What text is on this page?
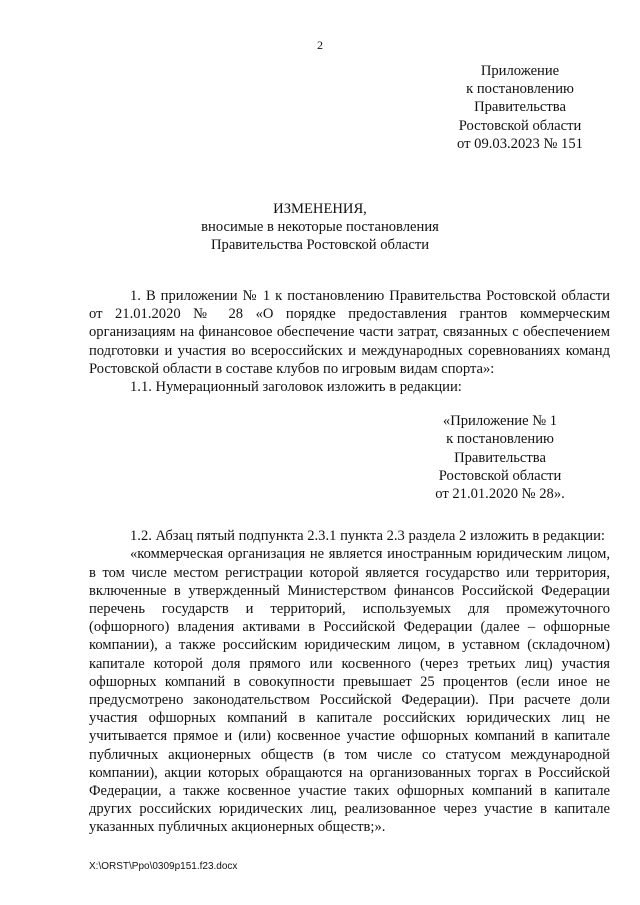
2
Приложение
к постановлению
Правительства
Ростовской области
от 09.03.2023 № 151
ИЗМЕНЕНИЯ,
вносимые в некоторые постановления
Правительства Ростовской области

1. В приложении № 1 к постановлению Правительства Ростовской области от 21.01.2020 № 28 «О порядке предоставления грантов коммерческим организациям на финансовое обеспечение части затрат, связанных с обеспечением подготовки и участия во всероссийских и международных соревнованиях команд Ростовской области в составе клубов по игровым видам спорта»:

1.1. Нумерационный заголовок изложить в редакции:

«Приложение № 1
к постановлению
Правительства
Ростовской области
от 21.01.2020 № 28».

1.2. Абзац пятый подпункта 2.3.1 пункта 2.3 раздела 2 изложить в редакции:

«коммерческая организация не является иностранным юридическим лицом, в том числе местом регистрации которой является государство или территория, включенные в утвержденный Министерством финансов Российской Федерации перечень государств и территорий, используемых для промежуточного (офшорного) владения активами в Российской Федерации (далее – офшорные компании), а также российским юридическим лицом, в уставном (складочном) капитале которой доля прямого или косвенного (через третьих лиц) участия офшорных компаний в совокупности превышает 25 процентов (если иное не предусмотрено законодательством Российской Федерации). При расчете доли участия офшорных компаний в капитале российских юридических лиц не учитывается прямое и (или) косвенное участие офшорных компаний в капитале публичных акционерных обществ (в том числе со статусом международной компании), акции которых обращаются на организованных торгах в Российской Федерации, а также косвенное участие таких офшорных компаний в капитале других российских юридических лиц, реализованное через участие в капитале указанных публичных акционерных обществ;».

X:\ORST\Ppo\0309p151.f23.docx
